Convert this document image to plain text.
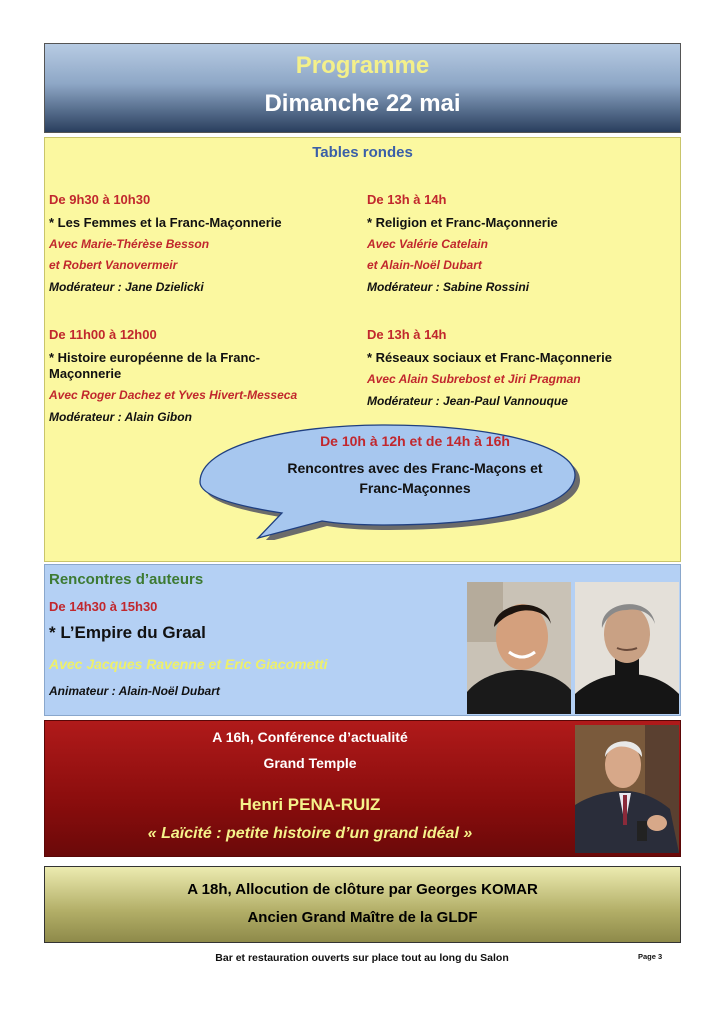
Programme
Dimanche 22 mai
Tables rondes
De 9h30 à 10h30
* Les Femmes et la Franc-Maçonnerie
Avec Marie-Thérèse Besson
et Robert Vanovermeir
Modérateur : Jane Dzielicki
De 13h à 14h
* Religion et Franc-Maçonnerie
Avec Valérie Catelain
et Alain-Noël Dubart
Modérateur : Sabine Rossini
De 11h00 à 12h00
* Histoire européenne de la Franc-
Maçonnerie
Avec Roger Dachez et Yves Hivert-Messeca
Modérateur : Alain Gibon
De 13h à 14h
* Réseaux sociaux et Franc-Maçonnerie
Avec Alain Subrebost et Jiri Pragman
Modérateur : Jean-Paul Vannouque
De 10h à 12h et de 14h à 16h
Rencontres avec des Franc-Maçons et
Franc-Maçonnes
Rencontres d’auteurs
De 14h30 à 15h30
* L’Empire du Graal
Avec Jacques Ravenne et Eric Giacometti
Animateur : Alain-Noël Dubart
A 16h, Conférence d’actualité
Grand Temple
Henri PENA-RUIZ
« Laïcité : petite histoire d’un grand idéal »
A 18h, Allocution de clôture par Georges KOMAR
Ancien Grand Maître de la GLDF
Bar et restauration ouverts sur place tout au long du Salon	Page 3
